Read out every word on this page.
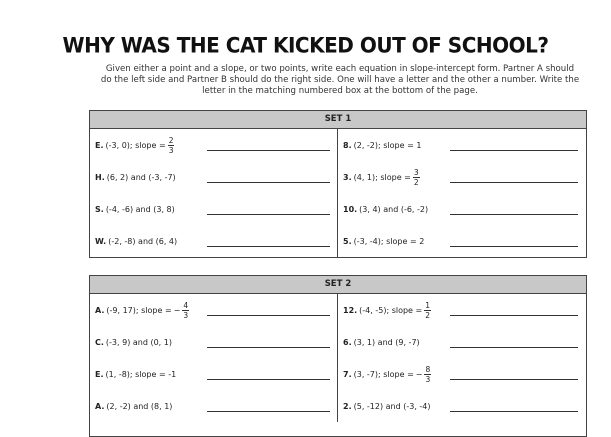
WHY WAS THE CAT KICKED OUT OF SCHOOL?
Given either a point and a slope, or two points, write each equation in slope-intercept form. Partner A should do the left side and Partner B should do the right side. One will have a letter and the other a number. Write the letter in the matching numbered box at the bottom of the page.
SET 1
E. (-3, 0); slope = $\frac{2}{3}$	8. (2, -2); slope = 1
H. (6, 2) and (-3, -7)	3. (4, 1); slope = $\frac{3}{2}$
S. (-4, -6) and (3, 8)	10. (3, 4) and (-6, -2)
W. (-2, -8) and (6, 4)	5. (-3, -4); slope = 2
SET 2
A. (-9, 17); slope = − $\frac{4}{3}$	12. (-4, -5); slope = $\frac{1}{2}$
C. (-3, 9) and (0, 1)	6. (3, 1) and (9, -7)
E. (1, -8); slope = -1	7. (3, -7); slope = − $\frac{8}{3}$
A. (2, -2) and (8, 1)	2. (5, -12) and (-3, -4)
